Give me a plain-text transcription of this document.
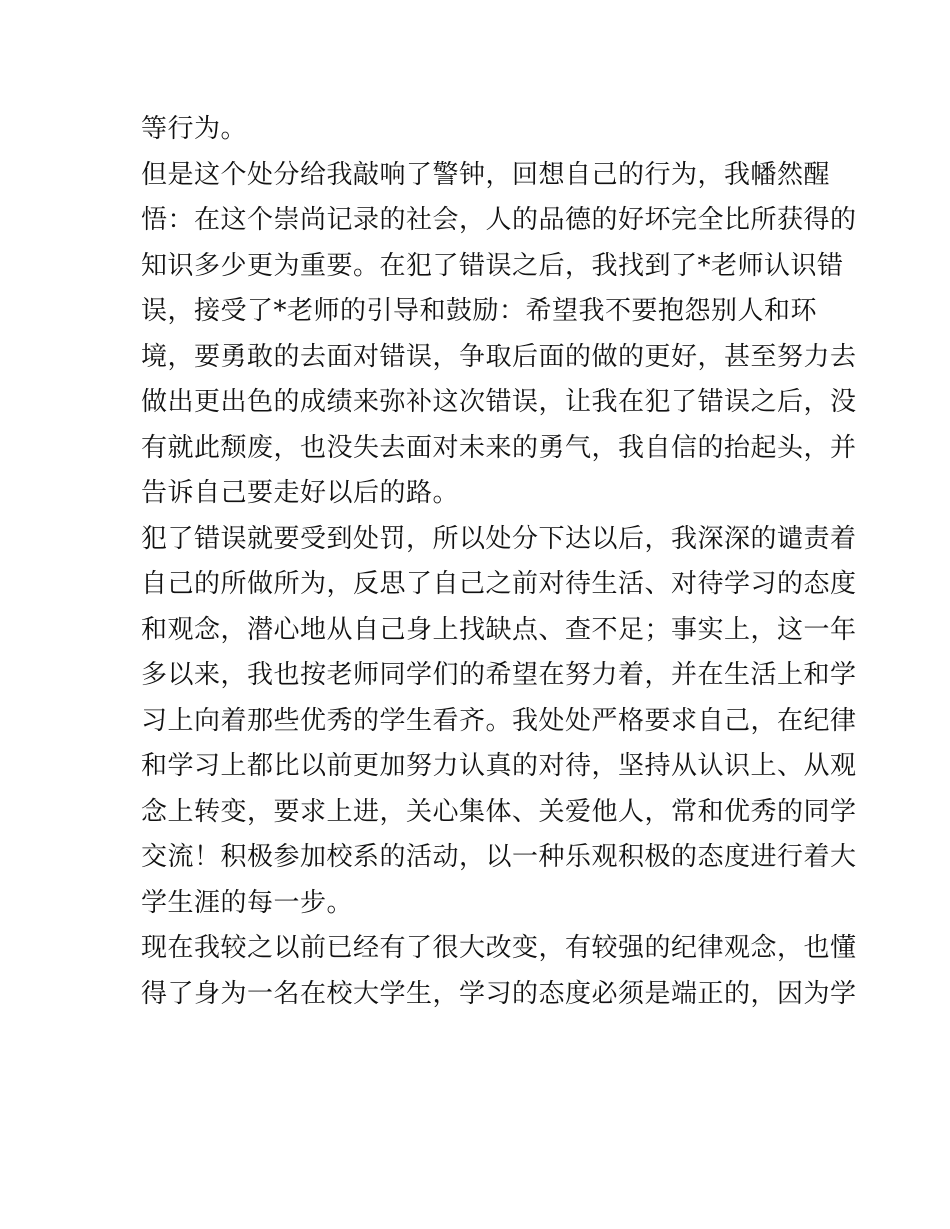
等行为。
但是这个处分给我敲响了警钟，回想自己的行为，我幡然醒
悟：在这个崇尚记录的社会，人的品德的好坏完全比所获得的
知识多少更为重要。在犯了错误之后，我找到了*老师认识错
误，接受了*老师的引导和鼓励：希望我不要抱怨别人和环
境，要勇敢的去面对错误，争取后面的做的更好，甚至努力去
做出更出色的成绩来弥补这次错误，让我在犯了错误之后，没
有就此颓废，也没失去面对未来的勇气，我自信的抬起头，并
告诉自己要走好以后的路。
犯了错误就要受到处罚，所以处分下达以后，我深深的谴责着
自己的所做所为，反思了自己之前对待生活、对待学习的态度
和观念，潜心地从自己身上找缺点、查不足；事实上，这一年
多以来，我也按老师同学们的希望在努力着，并在生活上和学
习上向着那些优秀的学生看齐。我处处严格要求自己，在纪律
和学习上都比以前更加努力认真的对待，坚持从认识上、从观
念上转变，要求上进，关心集体、关爱他人，常和优秀的同学
交流！积极参加校系的活动，以一种乐观积极的态度进行着大
学生涯的每一步。
现在我较之以前已经有了很大改变，有较强的纪律观念，也懂
得了身为一名在校大学生，学习的态度必须是端正的，因为学
